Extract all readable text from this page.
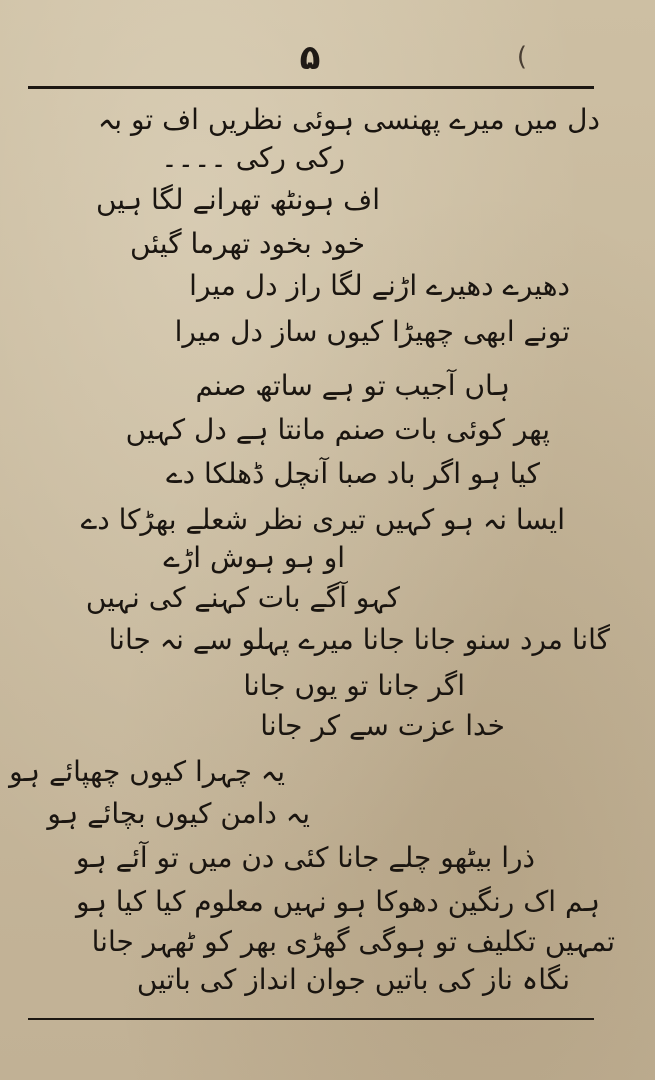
۵	(
دل میں میرے پھنسی ہوئی نظریں اف تو بہ
رکی رکی ۔۔۔۔
اف ہونٹھ تھرانے لگا ہیں
خود بخود تھرما گیئں
دھیرے دھیرے اڑنے لگا راز دل میرا
تونے ابھی چھیڑا کیوں ساز دل میرا
ہاں آجیب تو ہے ساتھ صنم
پھر کوئی بات صنم مانتا ہے دل کہیں
کیا ہو اگر باد صبا آنچل ڈھلکا دے
ایسا نہ ہو کہیں تیری نظر شعلے بھڑکا دے
او ہو ہوش اڑے
کہو آگے بات کہنے کی نہیں
گانا مرد سنو جانا جانا میرے پہلو سے نہ جانا
اگر جانا تو یوں جانا
خدا عزت سے کر جانا
یہ چہرا کیوں چھپائے ہو
یہ دامن کیوں بچائے ہو
ذرا بیٹھو چلے جانا کئی دن میں تو آئے ہو
ہم اک رنگین دھوکا ہو نہیں معلوم کیا کیا ہو
تمہیں تکلیف تو ہوگی گھڑی بھر کو ٹھہر جانا
نگاہ ناز کی باتیں جوان انداز کی باتیں
